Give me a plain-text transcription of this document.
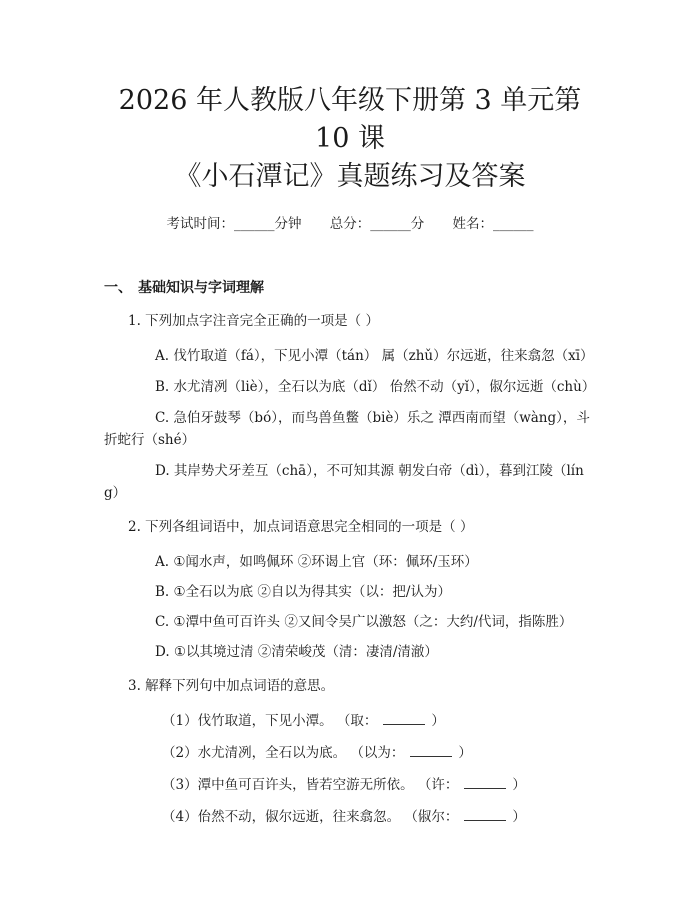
2026 年人教版八年级下册第 3 单元第 10 课
《小石潭记》真题练习及答案
考试时间：______分钟 总分：______分 姓名：______
一、 基础知识与字词理解
1. 下列加点字注音完全正确的一项是（ ）
A. 伐竹取道（fá），下见小潭（tán） 属（zhǔ）尔远逝，往来翕忽（xī）
B. 水尤清冽（liè），全石以为底（dǐ） 佁然不动（yǐ），俶尔远逝（chù）
C. 急伯牙鼓琴（bó），而鸟兽鱼鳖（biè）乐之 潭西南而望（wàng），斗折蛇行（shé）
D. 其岸势犬牙差互（chā），不可知其源 朝发白帝（dì），暮到江陵（líng）
2. 下列各组词语中，加点词语意思完全相同的一项是（ ）
A. ①闻水声，如鸣佩环 ②环谒上官（环：佩环/玉环）
B. ①全石以为底 ②自以为得其实（以：把/认为）
C. ①潭中鱼可百许头 ②又间令吴广以激怒（之：大约/代词，指陈胜）
D. ①以其境过清 ②清荣峻茂（清：凄清/清澈）
3. 解释下列句中加点词语的意思。
（1）伐竹取道，下见小潭。 （取：	）
（2）水尤清冽，全石以为底。 （以为：	）
（3）潭中鱼可百许头，皆若空游无所依。 （许：	）
（4）佁然不动，俶尔远逝，往来翕忽。 （俶尔：	）
